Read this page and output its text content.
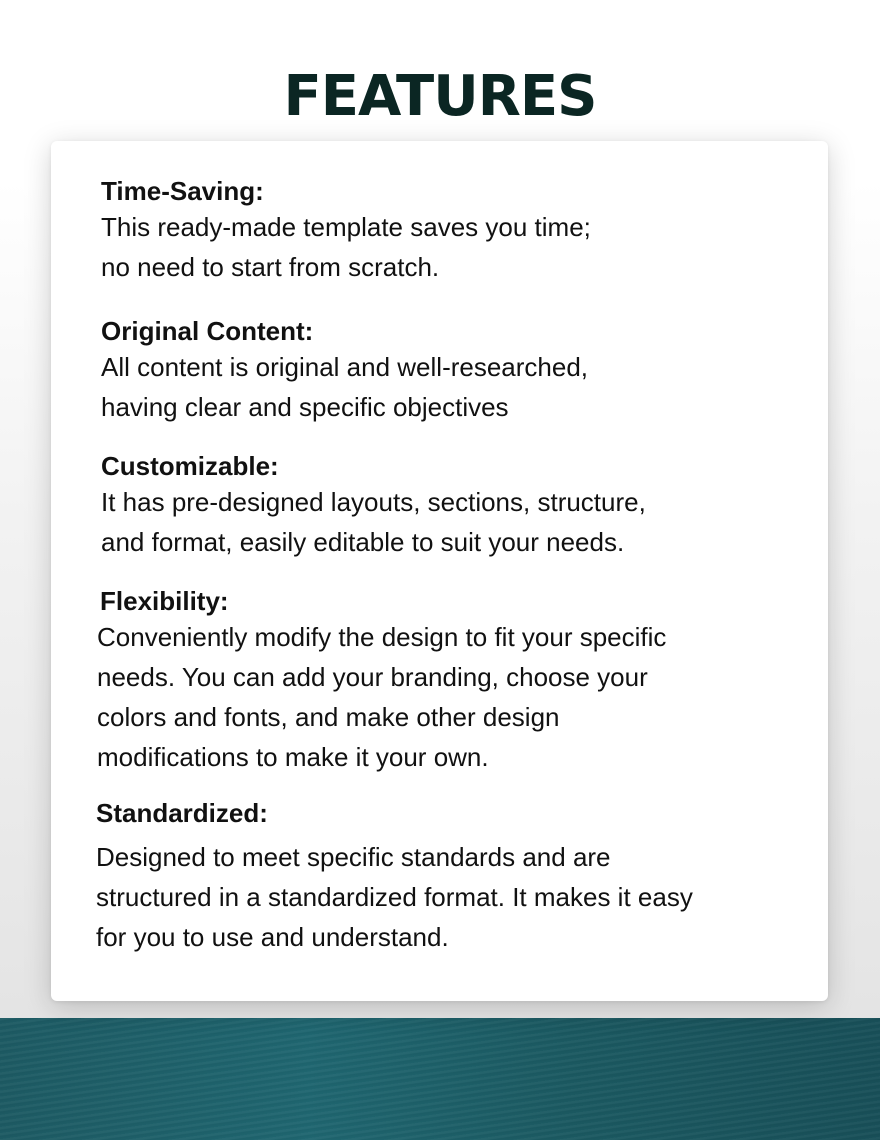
FEATURES

Time-Saving:

This ready-made template saves you time;
no need to start from scratch.

Original Content:

All content is original and well-researched,
having clear and specific objectives

Customizable:

It has pre-designed layouts, sections, structure,
and format, easily editable to suit your needs.

Flexibility:

Conveniently modify the design to fit your specific
needs. You can add your branding, choose your
colors and fonts, and make other design
modifications to make it your own.

Standardized:

Designed to meet specific standards and are
structured in a standardized format. It makes it easy
for you to use and understand.
